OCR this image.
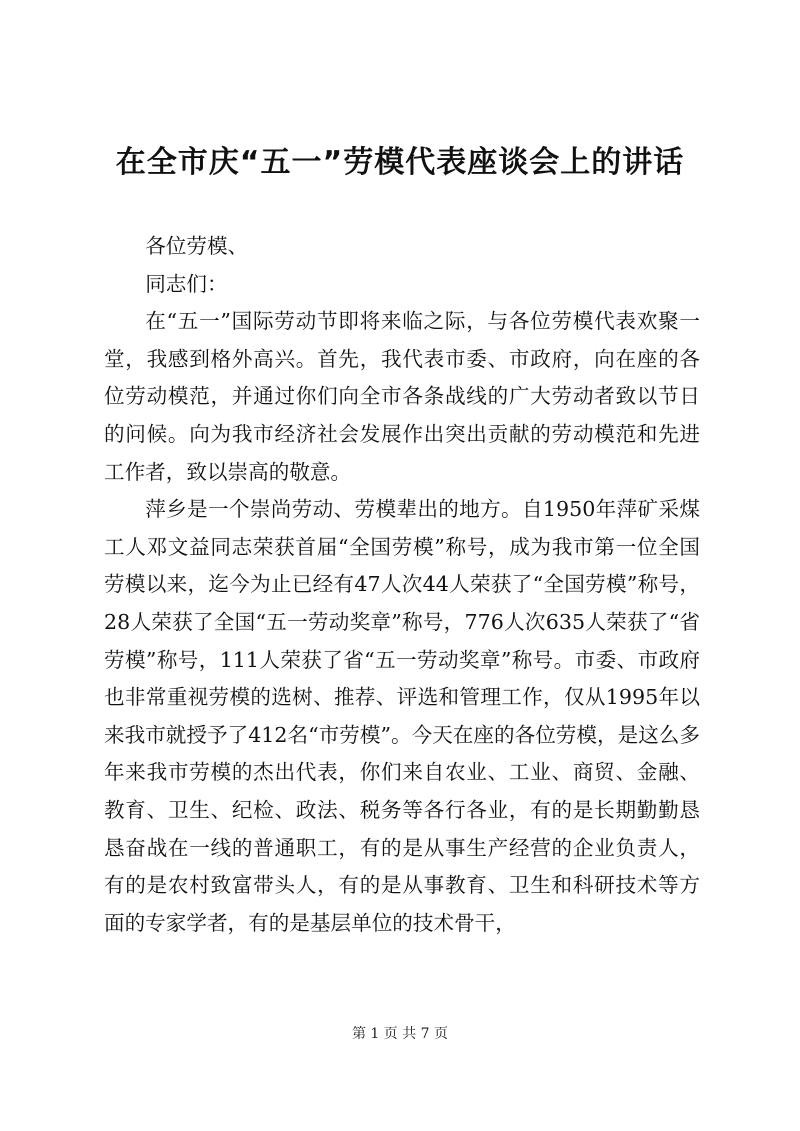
在全市庆“五一”劳模代表座谈会上的讲话

各位劳模、

同志们：

在“五一”国际劳动节即将来临之际，与各位劳模代表欢聚一堂，我感到格外高兴。首先，我代表市委、市政府，向在座的各位劳动模范，并通过你们向全市各条战线的广大劳动者致以节日的问候。向为我市经济社会发展作出突出贡献的劳动模范和先进工作者，致以崇高的敬意。

萍乡是一个崇尚劳动、劳模辈出的地方。自1950年萍矿采煤工人邓文益同志荣获首届“全国劳模”称号，成为我市第一位全国劳模以来，迄今为止已经有47人次44人荣获了“全国劳模”称号，28人荣获了全国“五一劳动奖章”称号，776人次635人荣获了“省劳模”称号，111人荣获了省“五一劳动奖章”称号。市委、市政府也非常重视劳模的选树、推荐、评选和管理工作，仅从1995年以来我市就授予了412名“市劳模”。今天在座的各位劳模，是这么多年来我市劳模的杰出代表，你们来自农业、工业、商贸、金融、教育、卫生、纪检、政法、税务等各行各业，有的是长期勤勤恳恳奋战在一线的普通职工，有的是从事生产经营的企业负责人，有的是农村致富带头人，有的是从事教育、卫生和科研技术等方面的专家学者，有的是基层单位的技术骨干，

第 1 页 共 7 页
